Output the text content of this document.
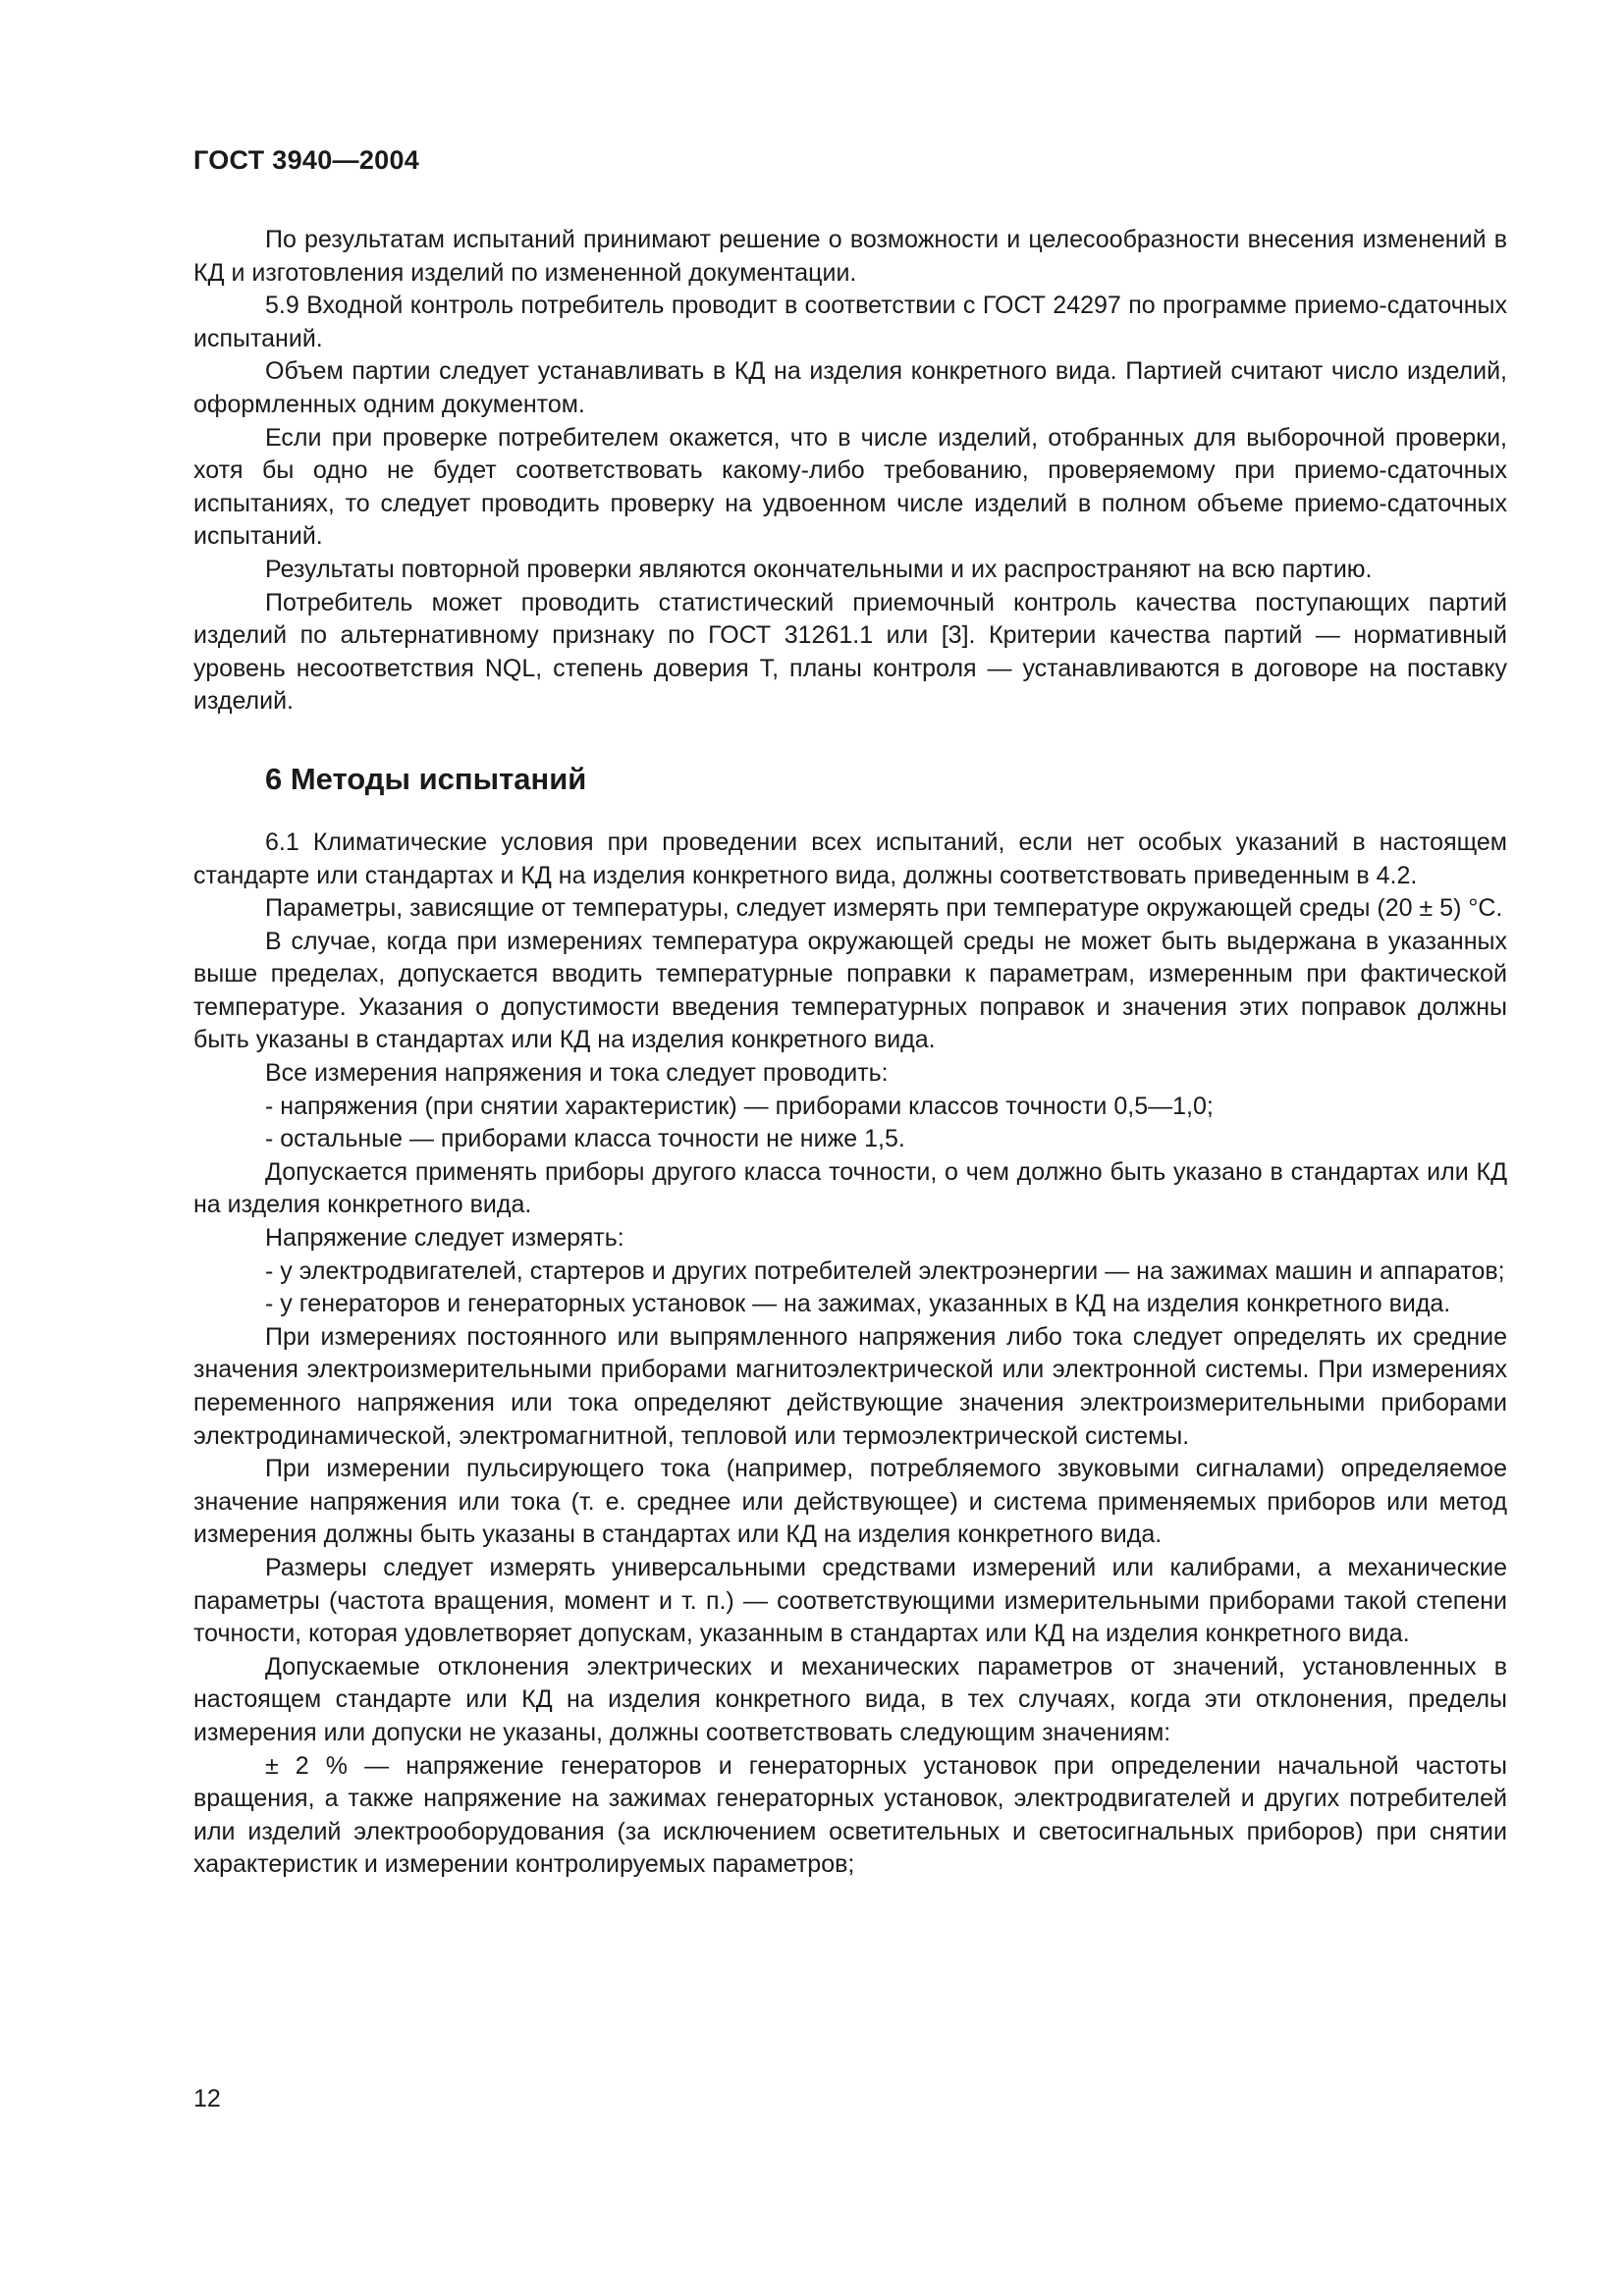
ГОСТ 3940—2004

По результатам испытаний принимают решение о возможности и целесообразности внесения изменений в КД и изготовления изделий по измененной документации.

5.9 Входной контроль потребитель проводит в соответствии с ГОСТ 24297 по программе приемо-сдаточных испытаний.

Объем партии следует устанавливать в КД на изделия конкретного вида. Партией считают число изделий, оформленных одним документом.

Если при проверке потребителем окажется, что в числе изделий, отобранных для выборочной проверки, хотя бы одно не будет соответствовать какому-либо требованию, проверяемому при приемо-сдаточных испытаниях, то следует проводить проверку на удвоенном числе изделий в полном объеме приемо-сдаточных испытаний.

Результаты повторной проверки являются окончательными и их распространяют на всю партию.

Потребитель может проводить статистический приемочный контроль качества поступающих партий изделий по альтернативному признаку по ГОСТ 31261.1 или [3]. Критерии качества партий — нормативный уровень несоответствия NQL, степень доверия T, планы контроля — устанавливаются в договоре на поставку изделий.

6 Методы испытаний

6.1 Климатические условия при проведении всех испытаний, если нет особых указаний в настоящем стандарте или стандартах и КД на изделия конкретного вида, должны соответствовать приведенным в 4.2.

Параметры, зависящие от температуры, следует измерять при температуре окружающей среды (20 ± 5) °С.

В случае, когда при измерениях температура окружающей среды не может быть выдержана в указанных выше пределах, допускается вводить температурные поправки к параметрам, измеренным при фактической температуре. Указания о допустимости введения температурных поправок и значения этих поправок должны быть указаны в стандартах или КД на изделия конкретного вида.

Все измерения напряжения и тока следует проводить:

- напряжения (при снятии характеристик) — приборами классов точности 0,5—1,0;

- остальные — приборами класса точности не ниже 1,5.

Допускается применять приборы другого класса точности, о чем должно быть указано в стандартах или КД на изделия конкретного вида.

Напряжение следует измерять:

- у электродвигателей, стартеров и других потребителей электроэнергии — на зажимах машин и аппаратов;

- у генераторов и генераторных установок — на зажимах, указанных в КД на изделия конкретного вида.

При измерениях постоянного или выпрямленного напряжения либо тока следует определять их средние значения электроизмерительными приборами магнитоэлектрической или электронной системы. При измерениях переменного напряжения или тока определяют действующие значения электроизмерительными приборами электродинамической, электромагнитной, тепловой или термоэлектрической системы.

При измерении пульсирующего тока (например, потребляемого звуковыми сигналами) определяемое значение напряжения или тока (т. е. среднее или действующее) и система применяемых приборов или метод измерения должны быть указаны в стандартах или КД на изделия конкретного вида.

Размеры следует измерять универсальными средствами измерений или калибрами, а механические параметры (частота вращения, момент и т. п.) — соответствующими измерительными приборами такой степени точности, которая удовлетворяет допускам, указанным в стандартах или КД на изделия конкретного вида.

Допускаемые отклонения электрических и механических параметров от значений, установленных в настоящем стандарте или КД на изделия конкретного вида, в тех случаях, когда эти отклонения, пределы измерения или допуски не указаны, должны соответствовать следующим значениям:

± 2 % — напряжение генераторов и генераторных установок при определении начальной частоты вращения, а также напряжение на зажимах генераторных установок, электродвигателей и других потребителей или изделий электрооборудования (за исключением осветительных и светосигнальных приборов) при снятии характеристик и измерении контролируемых параметров;

12
